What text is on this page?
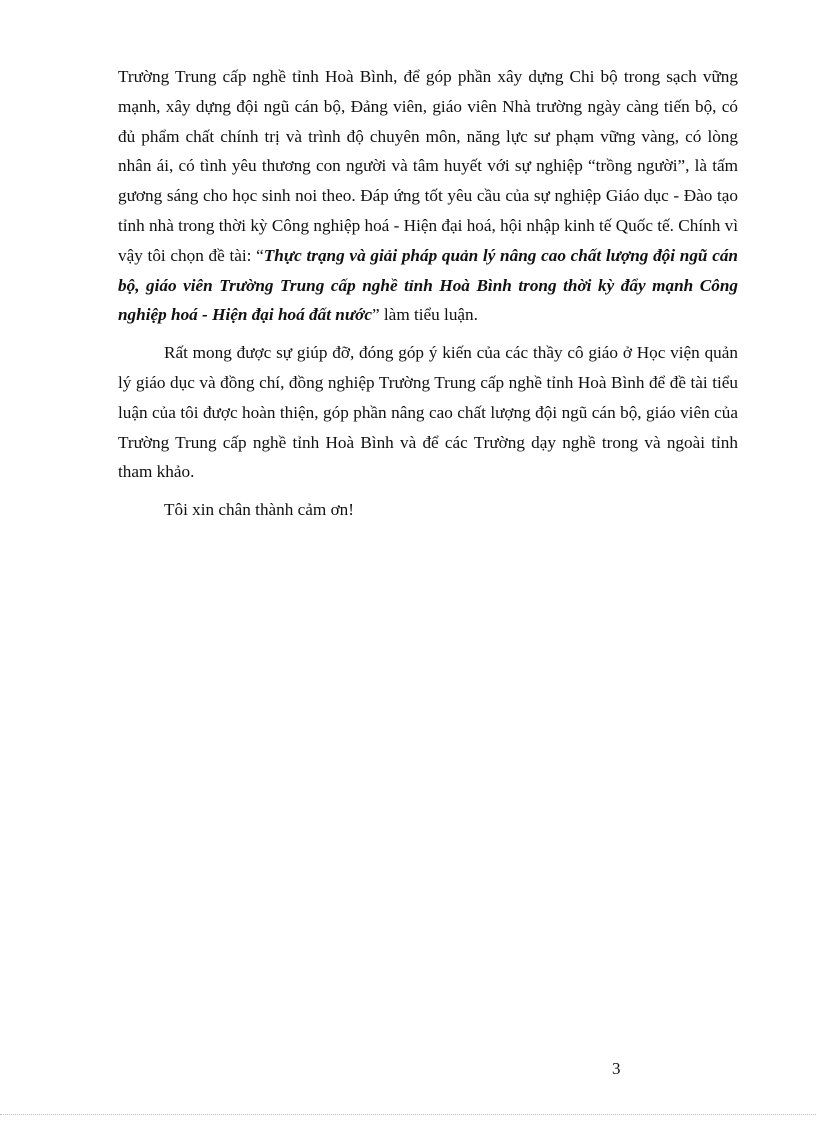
Trường Trung cấp nghề tỉnh Hoà Bình, để góp phần xây dựng Chi bộ trong sạch vững mạnh, xây dựng đội ngũ cán bộ, Đảng viên, giáo viên Nhà trường ngày càng tiến bộ, có đủ phẩm chất chính trị và trình độ chuyên môn, năng lực sư phạm vững vàng, có lòng nhân ái, có tình yêu thương con người và tâm huyết với sự nghiệp “trồng người”, là tấm gương sáng cho học sinh noi theo. Đáp ứng tốt yêu cầu của sự nghiệp Giáo dục - Đào tạo tỉnh nhà trong thời kỳ Công nghiệp hoá - Hiện đại hoá, hội nhập kinh tế Quốc tế. Chính vì vậy tôi chọn đề tài: “Thực trạng và giải pháp quản lý nâng cao chất lượng đội ngũ cán bộ, giáo viên Trường Trung cấp nghề tỉnh Hoà Bình trong thời kỳ đẩy mạnh Công nghiệp hoá - Hiện đại hoá đất nước” làm tiểu luận.

Rất mong được sự giúp đỡ, đóng góp ý kiến của các thầy cô giáo ở Học viện quản lý giáo dục và đồng chí, đồng nghiệp Trường Trung cấp nghề tỉnh Hoà Bình để đề tài tiểu luận của tôi được hoàn thiện, góp phần nâng cao chất lượng đội ngũ cán bộ, giáo viên của Trường Trung cấp nghề tỉnh Hoà Bình và để các Trường dạy nghề trong và ngoài tỉnh tham khảo.

Tôi xin chân thành cảm ơn!

3
